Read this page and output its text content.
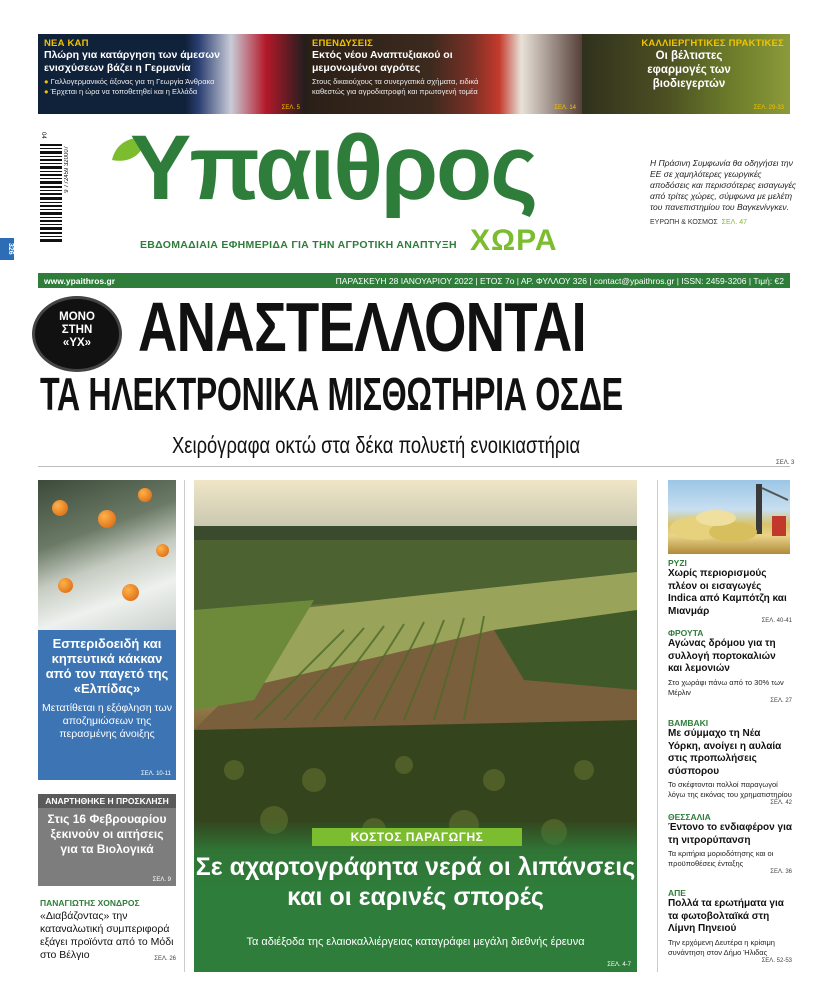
ΝΕΑ ΚΑΠ
Πλώρη για κατάργηση των άμεσων ενισχύσεων βάζει η Γερμανία
● Γαλλογερμανικός άξονας για τη Γεωργία Άνθρακα
● Έρχεται η ώρα να τοποθετηθεί και η Ελλάδα
ΣΕΛ. 5
ΕΠΕΝΔΥΣΕΙΣ
Εκτός νέου Αναπτυξιακού οι μεμονωμένοι αγρότες
Στους δικαιούχους τα συνεργατικά σχήματα, ειδικά καθεστώς για αγροδιατροφή και πρωτογενή τομέα
ΣΕΛ. 14
ΚΑΛΛΙΕΡΓΗΤΙΚΕΣ ΠΡΑΚΤΙΚΕΣ
Οι βέλτιστες εφαρμογές των βιοδιεγερτών
ΣΕΛ. 29-33
04
9 772459 320007
326
Υπαιθρος
ΕΒΔΟΜΑΔΙΑΙΑ ΕΦΗΜΕΡΙΔΑ ΓΙΑ ΤΗΝ ΑΓΡΟΤΙΚΗ ΑΝΑΠΤΥΞΗ ΧΩΡΑ
Η Πράσινη Συμφωνία θα οδηγήσει την ΕΕ σε χαμηλότερες γεωργικές αποδόσεις και περισσότερες εισαγωγές από τρίτες χώρες, σύμφωνα με μελέτη του πανεπιστημίου του Βαγκενίνγκεν.
ΕΥΡΩΠΗ & ΚΟΣΜΟΣ ΣΕΛ. 47
www.ypaithros.gr	ΠΑΡΑΣΚΕΥΗ 28 ΙΑΝΟΥΑΡΙΟΥ 2022 | ΕΤΟΣ 7ο | ΑΡ. ΦΥΛΛΟΥ 326 | contact@ypaithros.gr | ISSN: 2459-3206 | Τιμή: €2
ΜΟΝΟ
ΣΤΗΝ
«ΥΧ» ΑΝΑΣΤΕΛΛΟΝΤΑΙ
ΤΑ ΗΛΕΚΤΡΟΝΙΚΑ ΜΙΣΘΩΤΗΡΙΑ ΟΣΔΕ
Χειρόγραφα οκτώ στα δέκα πολυετή ενοικιαστήρια
ΣΕΛ. 3
Εσπεριδοειδή και κηπευτικά κάκκαν από τον παγετό της «Ελπίδας»
Μετατίθεται η εξόφληση των αποζημιώσεων της περασμένης άνοιξης
ΣΕΛ. 10-11
ΑΝΑΡΤΗΘΗΚΕ Η ΠΡΟΣΚΛΗΣΗ
Στις 16 Φεβρουαρίου ξεκινούν οι αιτήσεις για τα Βιολογικά
ΣΕΛ. 9
ΠΑΝΑΓΙΩΤΗΣ ΧΟΝΔΡΟΣ
«Διαβάζοντας» την καταναλωτική συμπεριφορά εξάγει προϊόντα από το Μόδι στο Βέλγιο	ΣΕΛ. 26
ΚΟΣΤΟΣ ΠΑΡΑΓΩΓΗΣ
Σε αχαρτογράφητα νερά οι λιπάνσεις και οι εαρινές σπορές
Τα αδιέξοδα της ελαιοκαλλιέργειας καταγράφει μεγάλη διεθνής έρευνα
ΣΕΛ. 4-7
ΡΥΖΙ
Χωρίς περιορισμούς πλέον οι εισαγωγές Indica από Καμπότζη και Μιανμάρ
ΣΕΛ. 40-41
ΦΡΟΥΤΑ
Αγώνας δρόμου για τη συλλογή πορτοκαλιών και λεμονιών
Στο χωράφι πάνω από το 30% των Μέρλιν
ΣΕΛ. 27
ΒΑΜΒΑΚΙ
Με σύμμαχο τη Νέα Υόρκη, ανοίγει η αυλαία στις προπωλήσεις σύσπορου
Το σκέφτονται πολλοί παραγωγοί λόγω της εικόνας του χρηματιστηρίου
ΣΕΛ. 42
ΘΕΣΣΑΛΙΑ
Έντονο το ενδιαφέρον για τη νιτρορύπανση
Τα κριτήρια μοριοδότησης και οι προϋποθέσεις ένταξης
ΣΕΛ. 36
ΑΠΕ
Πολλά τα ερωτήματα για τα φωτοβολταϊκά στη Λίμνη Πηνειού
Την ερχόμενη Δευτέρα η κρίσιμη συνάντηση στον Δήμο Ήλιδας
ΣΕΛ. 52-53
